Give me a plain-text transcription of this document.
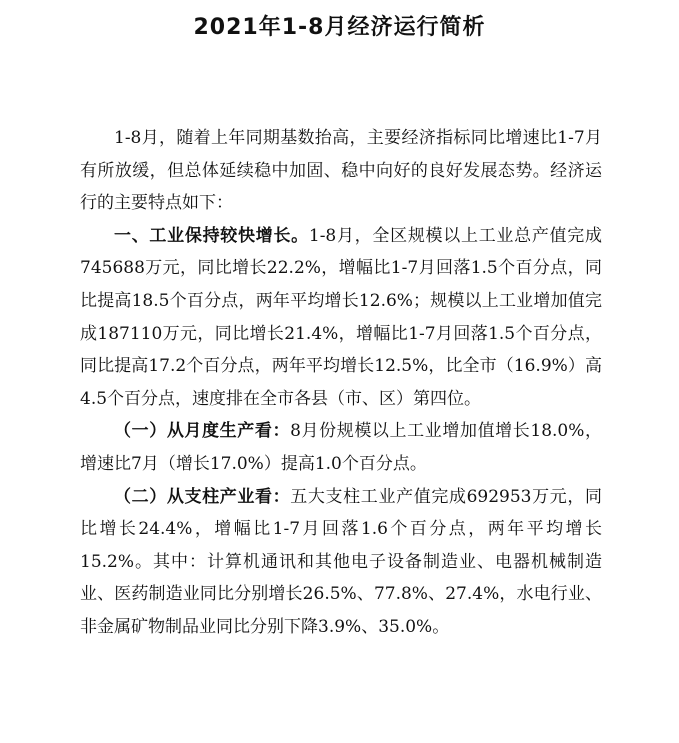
2021年1-8月经济运行简析

1-8月，随着上年同期基数抬高，主要经济指标同比增速比1-7月有所放缓，但总体延续稳中加固、稳中向好的良好发展态势。经济运行的主要特点如下：

一、工业保持较快增长。1-8月，全区规模以上工业总产值完成745688万元，同比增长22.2%，增幅比1-7月回落1.5个百分点，同比提高18.5个百分点，两年平均增长12.6%；规模以上工业增加值完成187110万元，同比增长21.4%，增幅比1-7月回落1.5个百分点，同比提高17.2个百分点，两年平均增长12.5%，比全市（16.9%）高4.5个百分点，速度排在全市各县（市、区）第四位。

（一）从月度生产看：8月份规模以上工业增加值增长18.0%，增速比7月（增长17.0%）提高1.0个百分点。

（二）从支柱产业看：五大支柱工业产值完成692953万元，同比增长24.4%，增幅比1-7月回落1.6个百分点，两年平均增长15.2%。其中：计算机通讯和其他电子设备制造业、电器机械制造业、医药制造业同比分别增长26.5%、77.8%、27.4%，水电行业、非金属矿物制品业同比分别下降3.9%、35.0%。
